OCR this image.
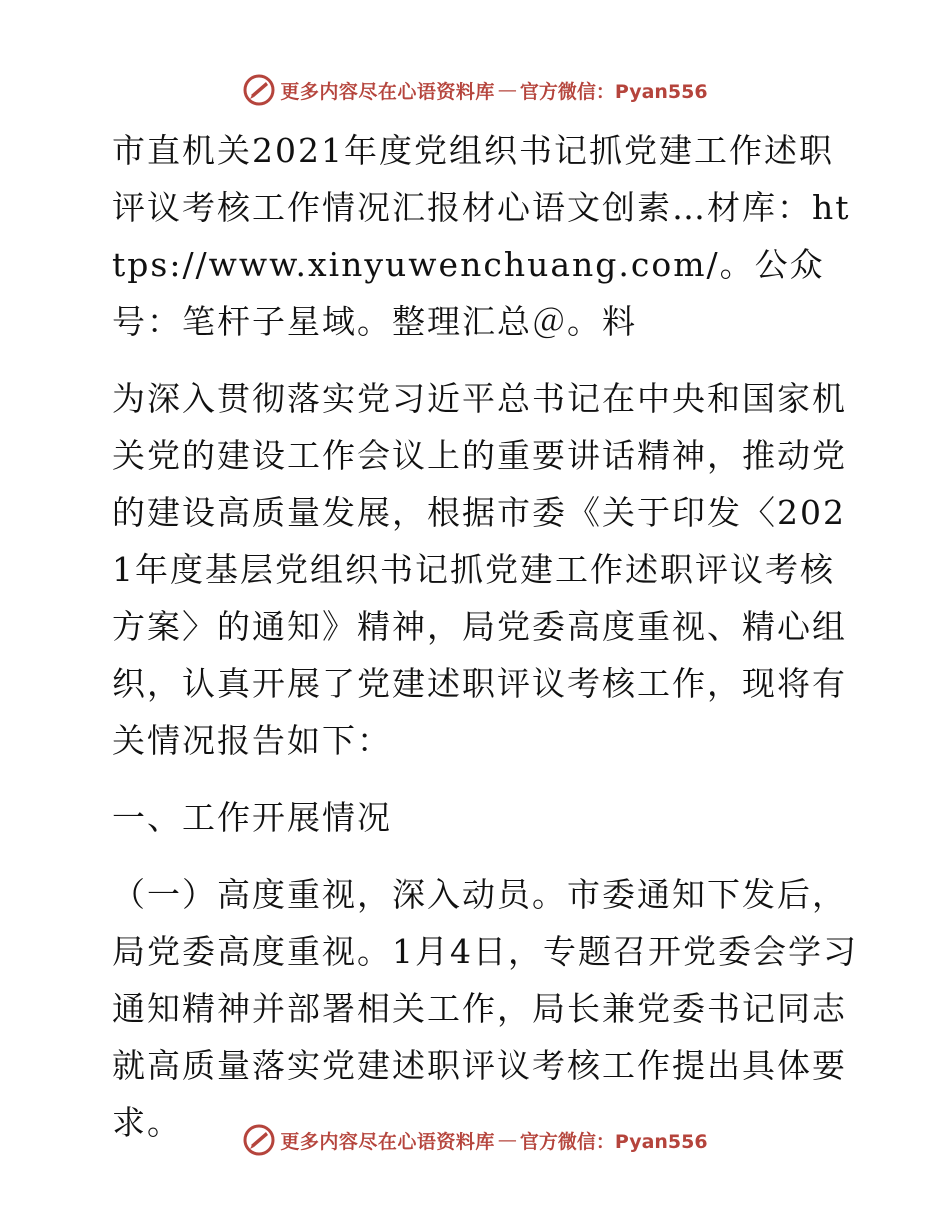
更多内容尽在心语资料库 — 官方微信：Pyan556

市直机关2021年度党组织书记抓党建工作述职评议考核工作情况汇报材心语文创素…材库：https://www.xinyuwenchuang.com/。公众号：笔杆子星域。整理汇总＠。料

为深入贯彻落实党习近平总书记在中央和国家机关党的建设工作会议上的重要讲话精神，推动党的建设高质量发展，根据市委《关于印发〈2021年度基层党组织书记抓党建工作述职评议考核方案〉的通知》精神，局党委高度重视、精心组织，认真开展了党建述职评议考核工作，现将有关情况报告如下：

一、工作开展情况

（一）高度重视，深入动员。市委通知下发后，局党委高度重视。1月4日，专题召开党委会学习通知精神并部署相关工作，局长兼党委书记同志就高质量落实党建述职评议考核工作提出具体要求。	更多内容尽在心语资料库 — 官方微信：Pyan556
